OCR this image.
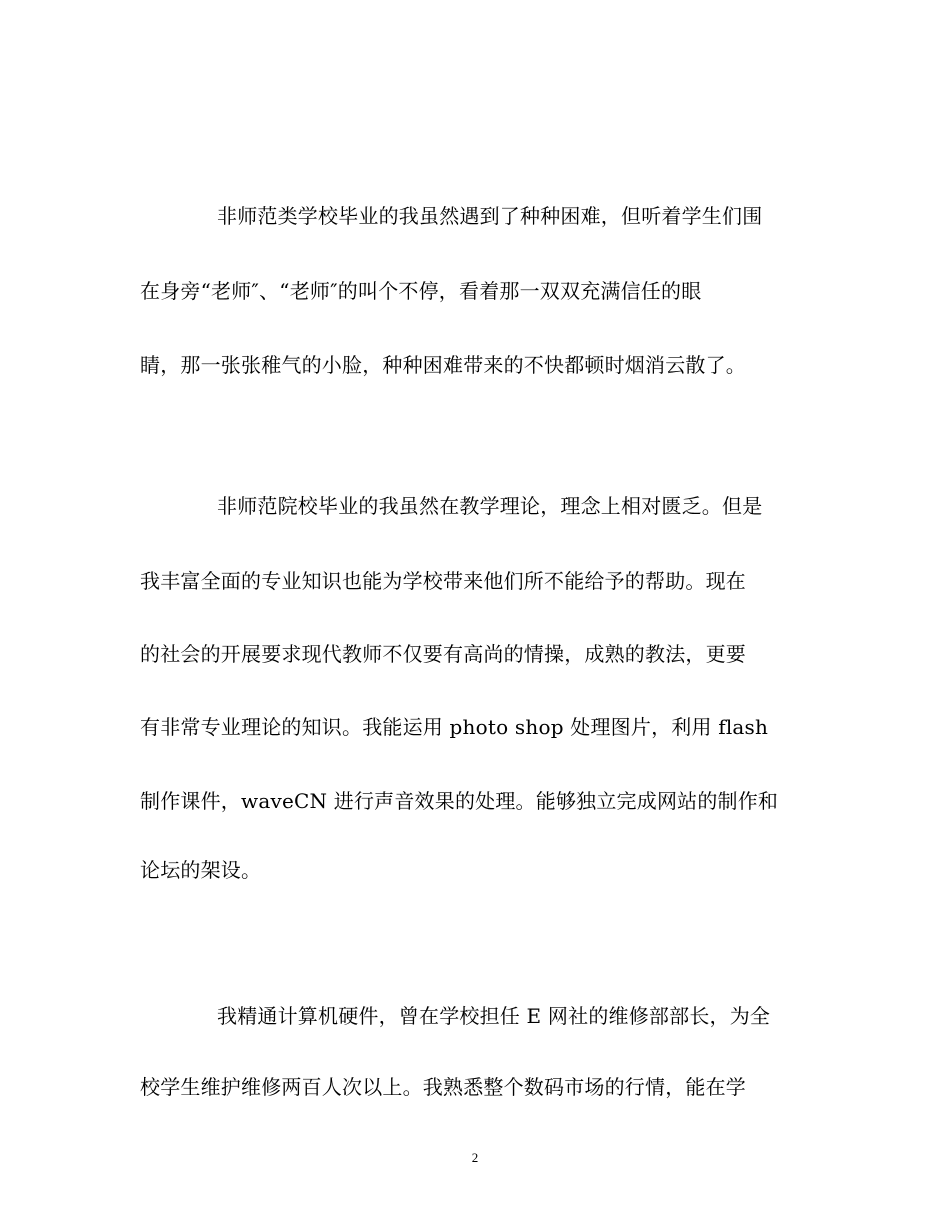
非师范类学校毕业的我虽然遇到了种种困难，但听着学生们围
在身旁“老师″、“老师″的叫个不停，看着那一双双充满信任的眼
睛，那一张张稚气的小脸，种种困难带来的不快都顿时烟消云散了。
非师范院校毕业的我虽然在教学理论，理念上相对匮乏。但是
我丰富全面的专业知识也能为学校带来他们所不能给予的帮助。现在
的社会的开展要求现代教师不仅要有高尚的情操，成熟的教法，更要
有非常专业理论的知识。我能运用 photo shop 处理图片，利用 flash
制作课件，waveCN 进行声音效果的处理。能够独立完成网站的制作和
论坛的架设。
我精通计算机硬件，曾在学校担任 E 网社的维修部部长，为全
校学生维护维修两百人次以上。我熟悉整个数码市场的行情，能在学
2
